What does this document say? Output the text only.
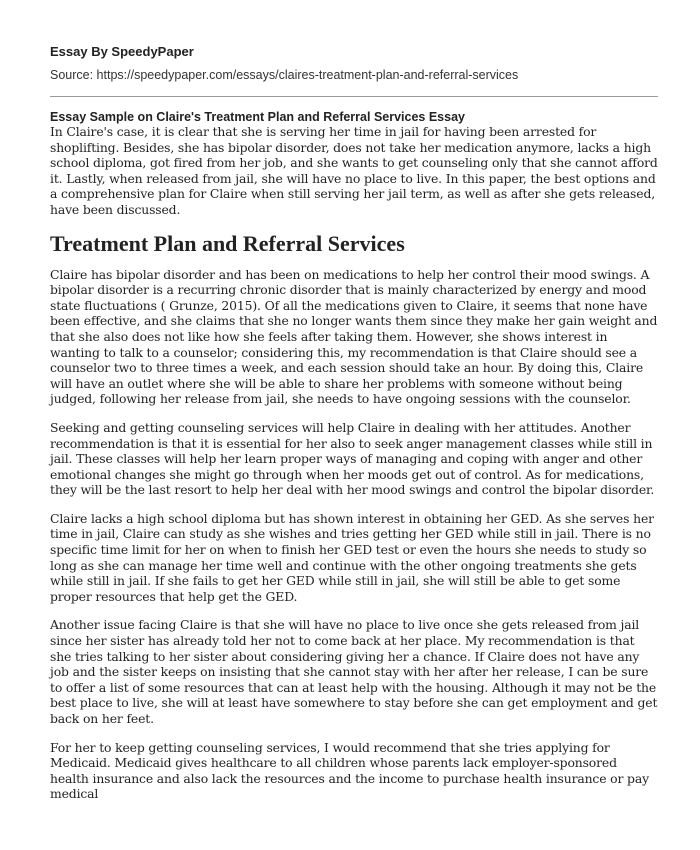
Essay By SpeedyPaper
Source: https://speedypaper.com/essays/claires-treatment-plan-and-referral-services
Essay Sample on Claire's Treatment Plan and Referral Services Essay

In Claire's case, it is clear that she is serving her time in jail for having been arrested for shoplifting. Besides, she has bipolar disorder, does not take her medication anymore, lacks a high school diploma, got fired from her job, and she wants to get counseling only that she cannot afford it. Lastly, when released from jail, she will have no place to live. In this paper, the best options and a comprehensive plan for Claire when still serving her jail term, as well as after she gets released, have been discussed.

Treatment Plan and Referral Services

Claire has bipolar disorder and has been on medications to help her control their mood swings. A bipolar disorder is a recurring chronic disorder that is mainly characterized by energy and mood state fluctuations ( Grunze, 2015). Of all the medications given to Claire, it seems that none have been effective, and she claims that she no longer wants them since they make her gain weight and that she also does not like how she feels after taking them. However, she shows interest in wanting to talk to a counselor; considering this, my recommendation is that Claire should see a counselor two to three times a week, and each session should take an hour. By doing this, Claire will have an outlet where she will be able to share her problems with someone without being judged, following her release from jail, she needs to have ongoing sessions with the counselor.

Seeking and getting counseling services will help Claire in dealing with her attitudes. Another recommendation is that it is essential for her also to seek anger management classes while still in jail. These classes will help her learn proper ways of managing and coping with anger and other emotional changes she might go through when her moods get out of control. As for medications, they will be the last resort to help her deal with her mood swings and control the bipolar disorder.

Claire lacks a high school diploma but has shown interest in obtaining her GED. As she serves her time in jail, Claire can study as she wishes and tries getting her GED while still in jail. There is no specific time limit for her on when to finish her GED test or even the hours she needs to study so long as she can manage her time well and continue with the other ongoing treatments she gets while still in jail. If she fails to get her GED while still in jail, she will still be able to get some proper resources that help get the GED.

Another issue facing Claire is that she will have no place to live once she gets released from jail since her sister has already told her not to come back at her place. My recommendation is that she tries talking to her sister about considering giving her a chance. If Claire does not have any job and the sister keeps on insisting that she cannot stay with her after her release, I can be sure to offer a list of some resources that can at least help with the housing. Although it may not be the best place to live, she will at least have somewhere to stay before she can get employment and get back on her feet.

For her to keep getting counseling services, I would recommend that she tries applying for Medicaid. Medicaid gives healthcare to all children whose parents lack employer-sponsored health insurance and also lack the resources and the income to purchase health insurance or pay medical
